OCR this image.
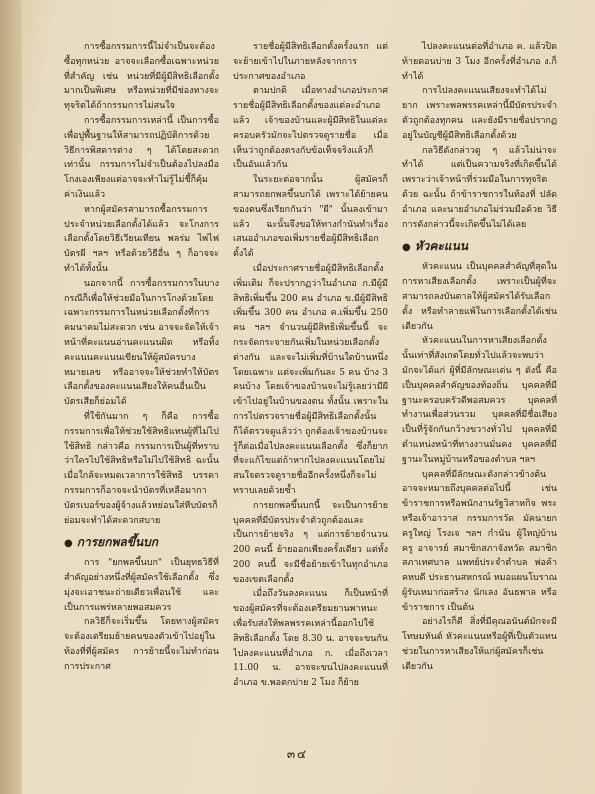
การซื้อกรรมการนี้ไม่จำเป็นจะต้องซื้อทุกหน่วย อาจจะเลือกซื้อเฉพาะหน่วยที่สำคัญ เช่น หน่วยที่มีผู้มีสิทธิเลือกตั้งมากเป็นพิเศษ หรือหน่วยที่มีช่องทางจะทุจริตได้ถ้ากรรมการไม่สนใจ

การซื้อกรรมการเหล่านี้ เป็นการซื้อเพื่อปูพื้นฐานให้สามารถปฏิบัติการด้วยวิธีการพิสดารต่าง ๆ ได้โดยสะดวกเท่านั้น กรรมการไม่จำเป็นต้องไปลงมือโกงเองเพียงแต่อาจจะทำไม่รู้ไม่ชี้ก็คุ้มค่าเงินแล้ว

หากผู้สมัครสามารถซื้อกรรมการประจำหน่วยเลือกตั้งได้แล้ว จะโกงการเลือกตั้งโดยวิธีเวียนเทียน พลร่ม ไพ่ไฟ บัตรผี ฯลฯ หรือด้วยวิธีอื่น ๆ ก็อาจจะทำได้ทั้งนั้น

นอกจากนี้ การซื้อกรรมการในบางกรณีก็เพื่อให้ช่วยมือในการโกงด้วยโดยเฉพาะกรรมการในหน่วยเลือกตั้งที่การคมนาคมไม่สะดวก เช่น อาจจะจัดให้เจ้าหน้าที่คะแนนอ่านคะแนนผิด หรือทิ้งคะแนนคะแนนเขียนให้ผู้สมัครบางหมายเลข หรืออาจจะให้ช่วยทำให้บัตรเลือกตั้งของคะแนนเสียงให้คนอื่นเป็นบัตรเสียก็ย่อมได้

ที่ใช้กันมาก ๆ ก็คือ การซื้อกรรมการเพื่อให้ช่วยใช้สิทธิแทนผู้ที่ไม่ไปใช้สิทธิ กล่าวคือ กรรมการเป็นผู้ที่ทราบว่าใครไปใช้สิทธิหรือไม่ไปใช้สิทธิ ฉะนั้น เมื่อใกล้จะหมดเวลาการใช้สิทธิ บรรดากรรมการก็อาจจะนำบัตรที่เหลือมากาบัตรเบอร์ของผู้จ้างแล้วหย่อนใส่หีบบัตรก็ย่อมจะทำได้สะดวกสบาย

● การยกพลขึ้นบก

การ "ยกพลขึ้นบก" เป็นยุทธวิธีที่สำคัญอย่างหนึ่งที่ผู้สมัครใช้เลือกตั้ง ซึ่งมุ่งจะเอาชนะถ่ายเดียวเพื่อนใช้ และเป็นการแพร่หลายพอสมควร

กลวิธีก็จะเริ่มขึ้น โดยทางผู้สมัครจะต้องเตรียมย้ายคนของตัวเข้าไปอยู่ในท้องที่ที่ผู้สมัคร การย้ายนี้จะไม่ทำก่อนการประกาศ

รายชื่อผู้มีสิทธิเลือกตั้งครั้งแรก แต่จะย้ายเข้าไปในภายหลังจากการประกาศของอำเภอ

ตามปกติ เมื่อทางอำเภอประกาศรายชื่อผู้มีสิทธิเลือกตั้งของแต่ละอำเภอแล้ว เจ้าของบ้านและผู้มีสิทธิในแต่ละครอบครัวมักจะไปตรวจดูรายชื่อ เมื่อเห็นว่าถูกต้องตรงกับข้อเท็จจริงแล้วก็เป็นอันแล้วกัน

ในระยะต่อจากนั้น ผู้สมัครก็สามารถยกพลขึ้นบกได้ เพราะได้ย้ายคนของตนซึ่งเรียกกันว่า "ผี" นั้นลงเข้ามาแล้ว ฉะนั้นจึงขอให้ทางกำนันทำเรื่องเสนออำเภอขอเพิ่มรายชื่อผู้มีสิทธิเลือกตั้งได้

เมื่อประกาศรายชื่อผู้มีสิทธิเลือกตั้งเพิ่มเติม ก็จะปรากฏว่าในอำเภอ ก.มีผู้มีสิทธิเพิ่มขึ้น 200 คน อำเภอ ข.มีผู้มีสิทธิเพิ่มขึ้น 300 คน อำเภอ ค.เพิ่มขึ้น 250 คน ฯลฯ จำนวนผู้มีสิทธิเพิ่มขึ้นนี้ จะกระจัดกระจายกันเพิ่มในหน่วยเลือกตั้งต่างกัน และจะไม่เพิ่มที่บ้านใดบ้านหนึ่งโดยเฉพาะ แต่จะเพิ่มกันละ 5 คน บ้าง 3 คนบ้าง โดยเจ้าของบ้านจะไม่รู้เลยว่ามีผีเข้าไปอยู่ในบ้านของตน ทั้งนั้น เพราะในการไปตรวจรายชื่อผู้มีสิทธิเลือกตั้งนั้นก็ได้ตรวจดูแล้วว่า ถูกต้องเจ้าของบ้านจะรู้ก็ต่อเมื่อไปลงคะแนนเลือกตั้ง ซึ่งก็ยากที่จะแก้ไขแต่ถ้าหากไปลงคะแนนโดยไม่สนใจตรวจดูรายชื่ออีกครั้งหนึ่งก็จะไม่ทราบเลยด้วยซ้ำ

การยกพลขึ้นบกนี้ จะเป็นการย้ายบุคคลที่มีบัตรประจำตัวถูกต้องและเป็นการย้ายจริง ๆ แต่การย้ายจำนวน 200 คนนี้ ย้ายออกเพียงครั้งเดียว แต่ทั้ง 200 คนนี้ จะมีชื่อย้ายเข้าในทุกอำเภอของเขตเลือกตั้ง

เมื่อถึงวันลงคะแนน ก็เป็นหน้าที่ของผู้สมัครที่จะต้องเตรียมยานพาหนะเพื่อรับส่งให้พลพรรคเหล่านี้ออกไปใช้สิทธิเลือกตั้ง โดย 8.30 น. อาจจะขนกันไปลงคะแนนที่อำเภอ ก. เมื่อถึงเวลา 11.00 น. อาจจะขนไปลงคะแนนที่อำเภอ ข.พอตกบ่าย 2 โมง ก็ย้าย

ไปลงคะแนนต่อที่อำเภอ ค. แล้วปิดท้ายตอนบ่าย 3 โมง อีกครั้งที่อำเภอ ง.ก็ทำได้

การไปลงคะแนนเสียงจะทำได้ไม่ยาก เพราะพลพรรคเหล่านี้มีบัตรประจำตัวถูกต้องทุกคน และยังมีรายชื่อปรากฏอยู่ในบัญชีผู้มีสิทธิเลือกตั้งด้วย

กลวิธีดังกล่าวดู ๆ แล้วไม่น่าจะทำได้ แต่เป็นความจริงที่เกิดขึ้นได้ เพราะว่าเจ้าหน้าที่ร่วมมือในการทุจริตด้วย ฉะนั้น ถ้าข้าราชการในท้องที่ ปลัดอำเภอ และนายอำเภอไม่ร่วมมือด้วย วิธีการดังกล่าวนี้จะเกิดขึ้นไม่ได้เลย

● หัวคะแนน

หัวคะแนน เป็นบุคคลสำคัญที่สุดในการหาเสียงเลือกตั้ง เพราะเป็นผู้ที่จะสามารถลงบันดาลให้ผู้สมัครได้รับเลือกตั้ง หรือทำลายแพ้ในการเลือกตั้งได้เช่นเดียวกัน

หัวคะแนนในการหาเสียงเลือกตั้งนั้นเท่าที่สังเกตโดยทั่วไปแล้วจะพบว่า มักจะได้แก่ ผู้ที่มีลักษณะเด่น ๆ ดังนี้ คือ เป็นบุคคลสำคัญของท้องถิ่น บุคคลที่มีฐานะครอบครัวดีพอสมควร บุคคลที่ทำงานเพื่อส่วนรวม บุคคลที่มีชื่อเสียงเป็นที่รู้จักกันกว้างขวางทั่วไป บุคคลที่มีตำแหน่งหน้าที่ทางงานมั่นคง บุคคลที่มีฐานะในหมู่บ้านหรือของตำบล ฯลฯ

บุคคลที่มีลักษณะดังกล่าวข้างต้นอาจจะหมายถึงบุคคลต่อไปนี้ เช่น ข้าราชการหรือพนักงานรัฐวิสาหกิจ พระ หรือเจ้าอาวาส กรรมการวัด มัคนายก ครูใหญ่ โรงเจ ฯลฯ กำนัน ผู้ใหญ่บ้าน ครู อาจารย์ สมาชิกสภาจังหวัด สมาชิกสภาเทศบาล แพทย์ประจำตำบล พ่อค้า คหบดี ประธานสหกรณ์ หมอแผนโบราณ ผู้รับเหมาก่อสร้าง นักเลง อันธพาล หรือข้าราชการ เป็นต้น

อย่างไรก็ดี สิ่งที่มีคุณอนันต์มักจะมีโทษมหันต์ หัวคะแนนหรือผู้ที่เป็นตัวแทนช่วยในการหาเสียงให้แก่ผู้สมัครก็เช่นเดียวกัน

๓๔
